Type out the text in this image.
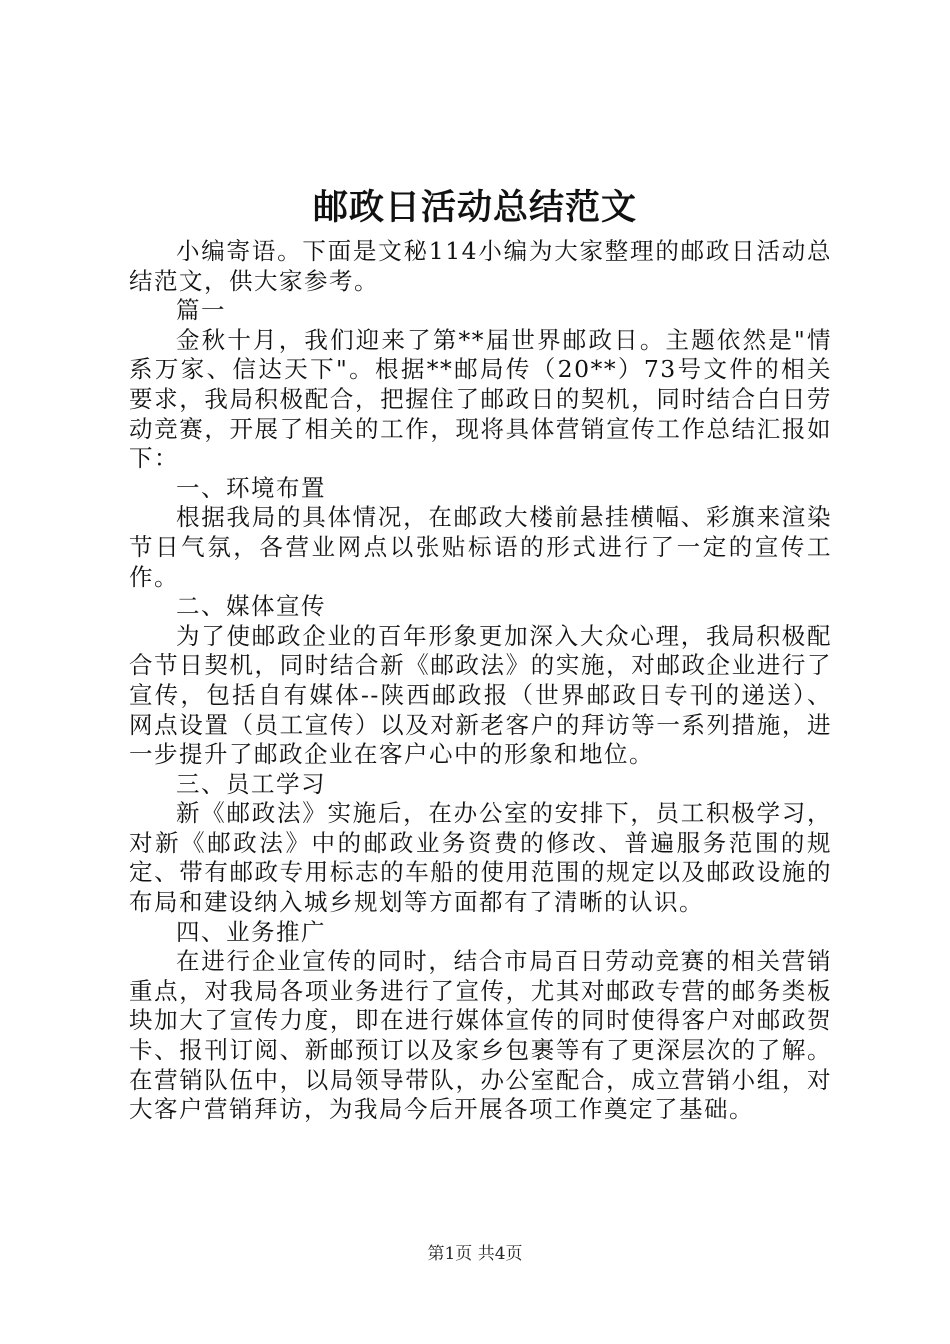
邮政日活动总结范文

小编寄语。下面是文秘114小编为大家整理的邮政日活动总结范文，供大家参考。

篇一

金秋十月，我们迎来了第**届世界邮政日。主题依然是"情系万家、信达天下"。根据**邮局传（20**）73号文件的相关要求，我局积极配合，把握住了邮政日的契机，同时结合白日劳动竞赛，开展了相关的工作，现将具体营销宣传工作总结汇报如下：

一、环境布置

根据我局的具体情况，在邮政大楼前悬挂横幅、彩旗来渲染节日气氛，各营业网点以张贴标语的形式进行了一定的宣传工作。

二、媒体宣传

为了使邮政企业的百年形象更加深入大众心理，我局积极配合节日契机，同时结合新《邮政法》的实施，对邮政企业进行了宣传，包括自有媒体--陕西邮政报（世界邮政日专刊的递送）、网点设置（员工宣传）以及对新老客户的拜访等一系列措施，进一步提升了邮政企业在客户心中的形象和地位。

三、员工学习

新《邮政法》实施后，在办公室的安排下，员工积极学习，对新《邮政法》中的邮政业务资费的修改、普遍服务范围的规定、带有邮政专用标志的车船的使用范围的规定以及邮政设施的布局和建设纳入城乡规划等方面都有了清晰的认识。

四、业务推广

在进行企业宣传的同时，结合市局百日劳动竞赛的相关营销重点，对我局各项业务进行了宣传，尤其对邮政专营的邮务类板块加大了宣传力度，即在进行媒体宣传的同时使得客户对邮政贺卡、报刊订阅、新邮预订以及家乡包裹等有了更深层次的了解。在营销队伍中，以局领导带队，办公室配合，成立营销小组，对大客户营销拜访，为我局今后开展各项工作奠定了基础。

第1页 共4页
